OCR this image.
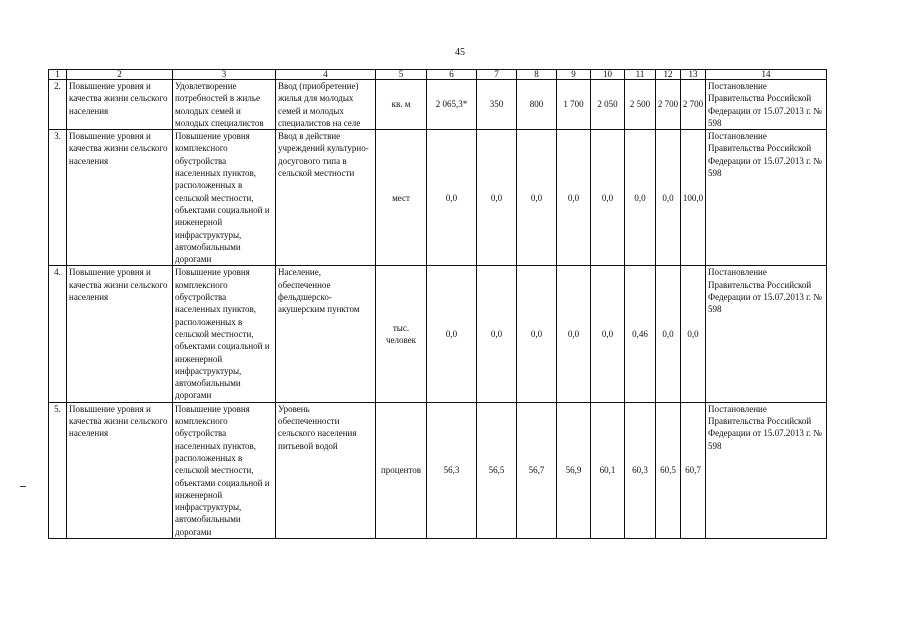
45
1	2	3	4	5	6	7	8	9	10	11	12	13	14
2.	Повышение уровня и качества жизни сельского населения	Удовлетворение потребностей в жилье молодых семей и молодых специалистов	Ввод (приобретение) жилья для молодых семей и молодых специалистов на селе	кв. м	2 065,3*	350	800	1 700	2 050	2 500	2 700	2 700	Постановление Правительства Российской Федерации от 15.07.2013 г. № 598
3.	Повышение уровня и качества жизни сельского населения	Повышение уровня комплексного обустройства населенных пунктов, расположенных в сельской местности, объектами социальной и инженерной инфраструктуры, автомобильными дорогами	Ввод в действие учреждений культурно-досугового типа в сельской местности	мест	0,0	0,0	0,0	0,0	0,0	0,0	0,0	100,0	Постановление Правительства Российской Федерации от 15.07.2013 г. № 598
4.	Повышение уровня и качества жизни сельского населения	Повышение уровня комплексного обустройства населенных пунктов, расположенных в сельской местности, объектами социальной и инженерной инфраструктуры, автомобильными дорогами	Население, обеспеченное фельдшерско-акушерским пунктом	тыс. человек	0,0	0,0	0,0	0,0	0,0	0,46	0,0	0,0	Постановление Правительства Российской Федерации от 15.07.2013 г. № 598
5.	Повышение уровня и качества жизни сельского населения	Повышение уровня комплексного обустройства населенных пунктов, расположенных в сельской местности, объектами социальной и инженерной инфраструктуры, автомобильными дорогами	Уровень обеспеченности сельского населения питьевой водой	процентов	56,3	56,5	56,7	56,9	60,1	60,3	60,5	60,7	Постановление Правительства Российской Федерации от 15.07.2013 г. № 598
